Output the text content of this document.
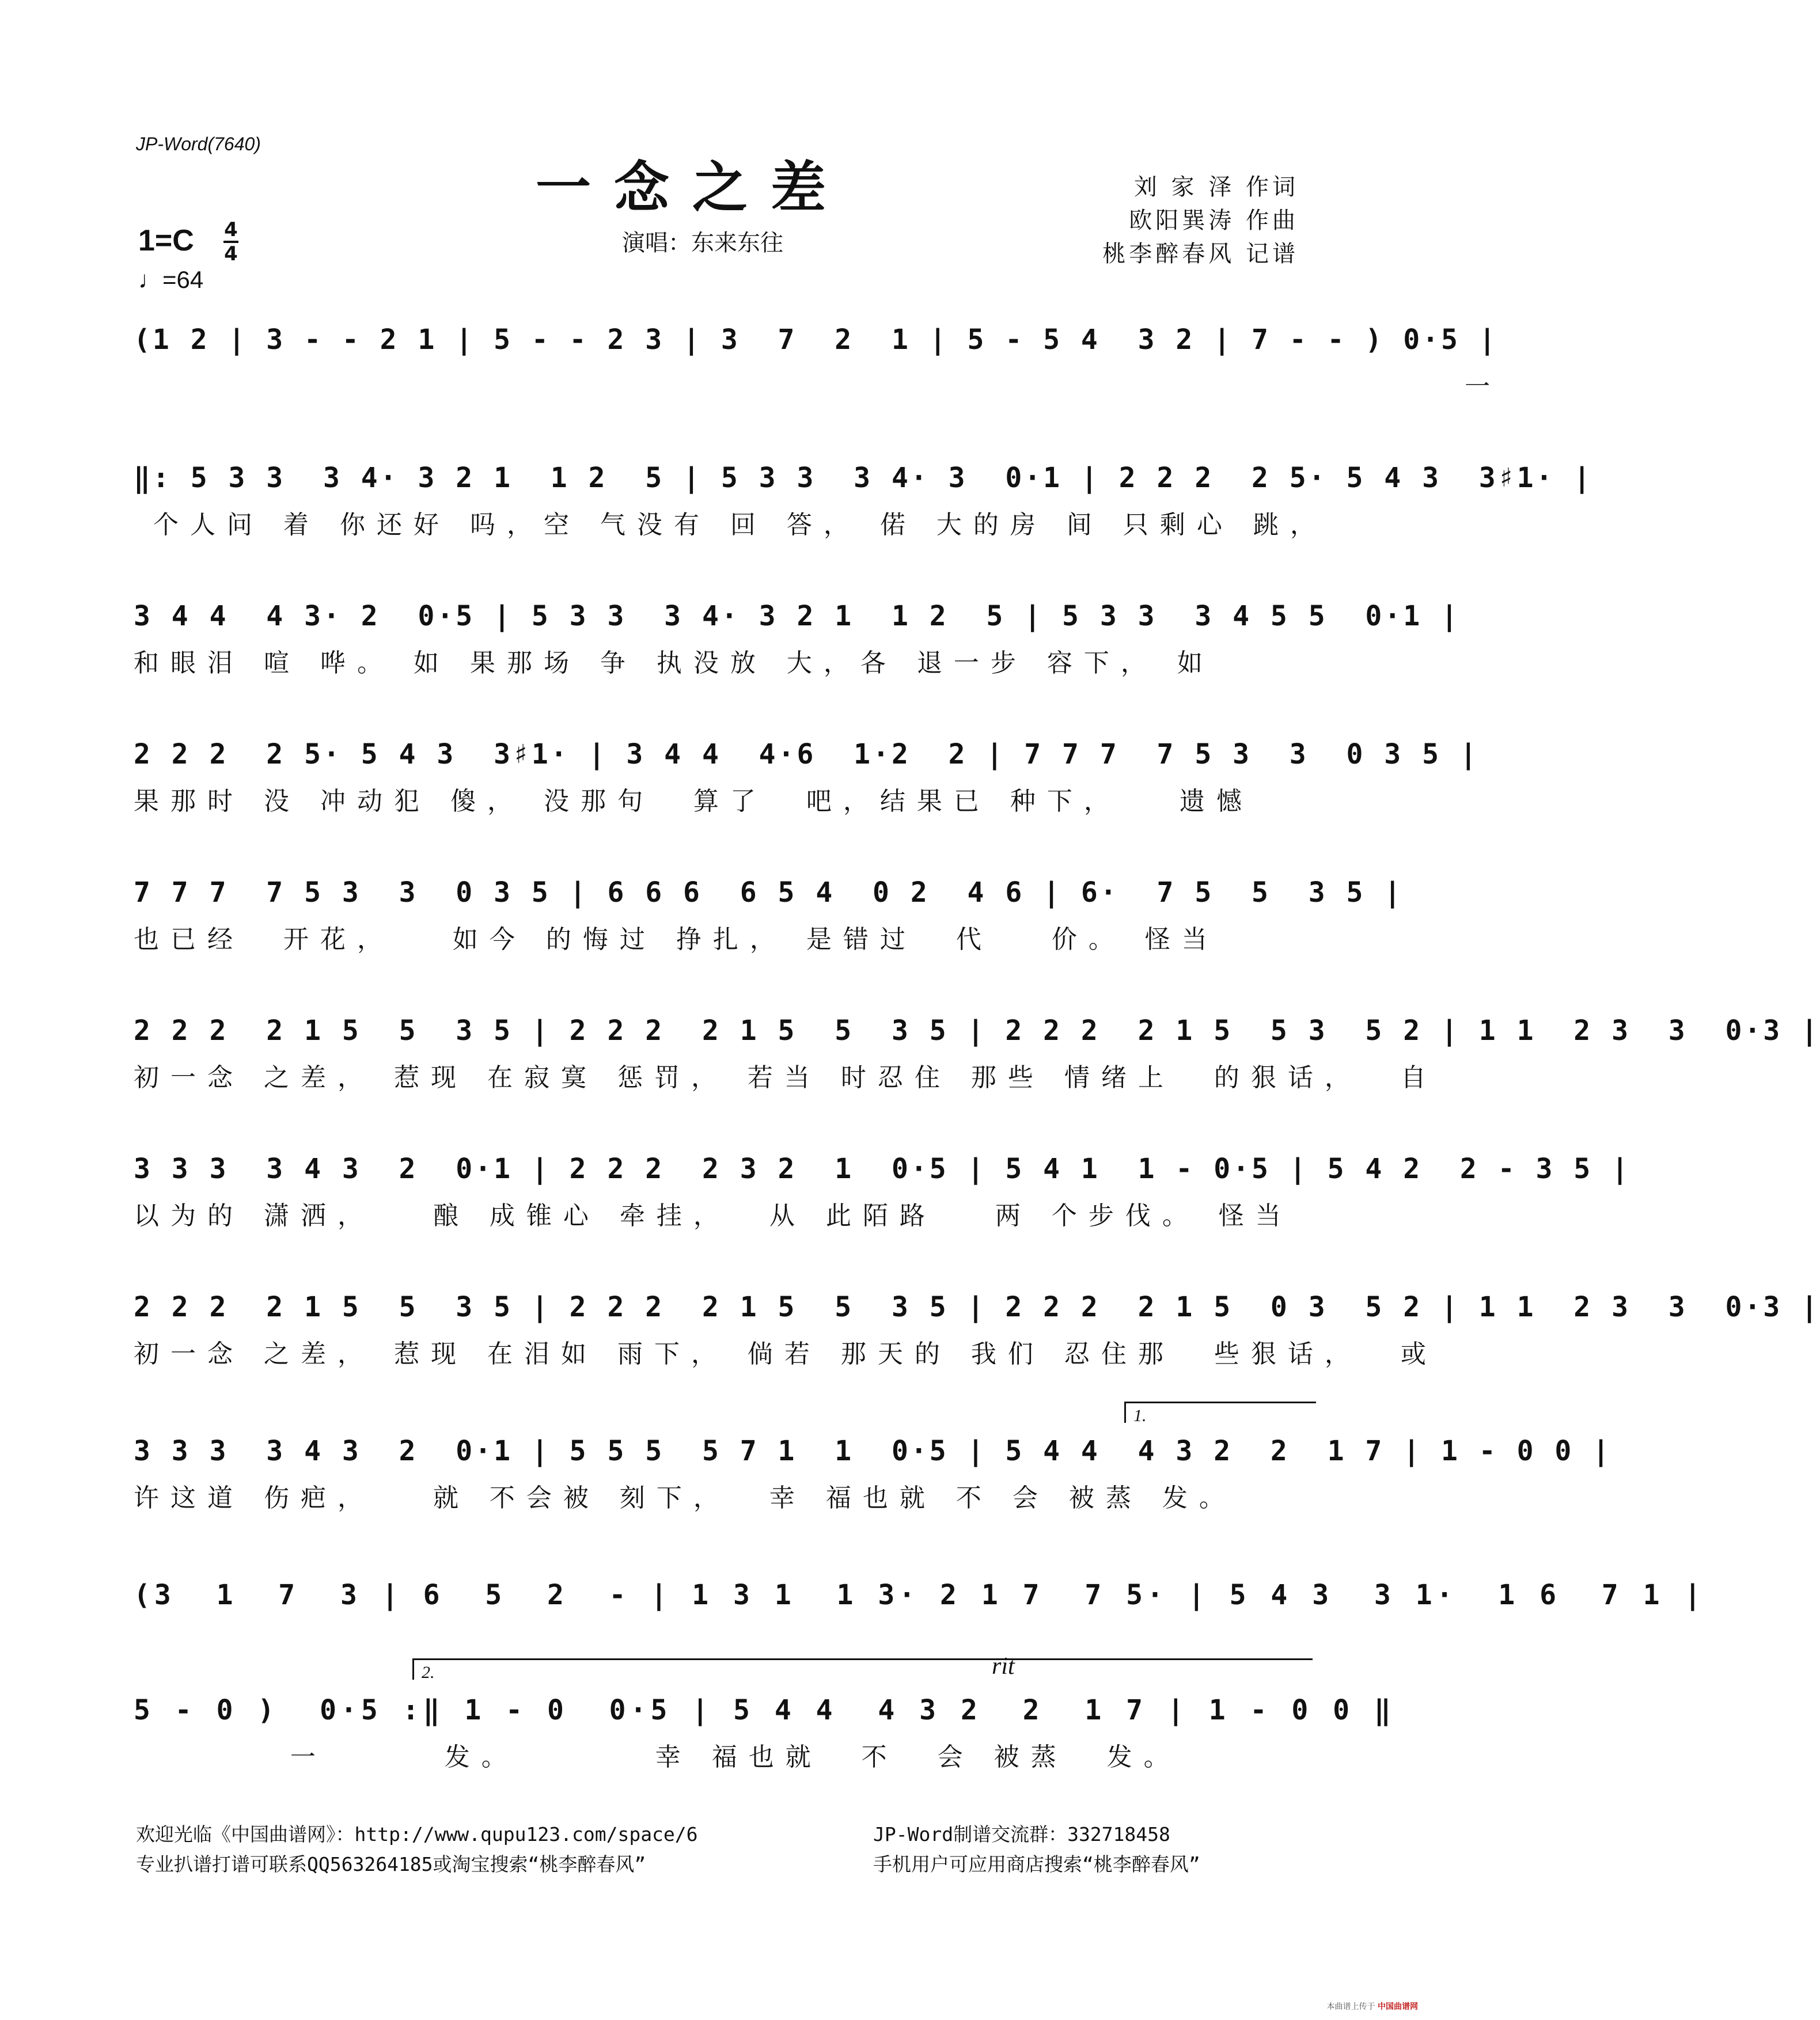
JP-Word(7640)
一念之差
演唱：东来东往
刘 家 泽 作词
欧阳巽涛 作曲
桃李醉春风 记谱
1=C 4
4
♩=64
(1 2 | 3 - - 2 1 | 5 - - 2 3 | 3  7  2  1 | 5 - 5 4  3 2 | 7 - - ) 0·5 |
一
‖: 5 3 3  3 4· 3 2 1  1 2  5 | 5 3 3  3 4· 3  0·1 | 2 2 2  2 5· 5 4 3  3♯1· |
个人问 着 你还好 吗，空 气没有 回 答， 偌 大的房 间 只剩心 跳，
3 4 4  4 3· 2  0·5 | 5 3 3  3 4· 3 2 1  1 2  5 | 5 3 3  3 4 5 5  0·1 |
和眼泪 喧 哗。 如 果那场 争 执没放 大，各 退一步 容下， 如
2 2 2  2 5· 5 4 3  3♯1· | 3 4 4  4·6  1·2  2 | 7 7 7  7 5 3  3  0 3 5 |
果那时 没 冲动犯 傻， 没那句  算了  吧，结果已 种下，   遗憾
7 7 7  7 5 3  3  0 3 5 | 6 6 6  6 5 4  0 2  4 6 | 6·  7 5  5  3 5 |
也已经  开花，   如今 的悔过 挣扎， 是错过  代   价。 怪当
2 2 2  2 1 5  5  3 5 | 2 2 2  2 1 5  5  3 5 | 2 2 2  2 1 5  5 3  5 2 | 1 1  2 3  3  0·3 |
初一念 之差， 惹现 在寂寞 惩罚， 若当 时忍住 那些 情绪上  的狠话，  自
3 3 3  3 4 3  2  0·1 | 2 2 2  2 3 2  1  0·5 | 5 4 1  1 - 0·5 | 5 4 2  2 - 3 5 |
以为的 潇洒，   酿 成锥心 牵挂，  从 此陌路   两 个步伐。 怪当
2 2 2  2 1 5  5  3 5 | 2 2 2  2 1 5  5  3 5 | 2 2 2  2 1 5  0 3  5 2 | 1 1  2 3  3  0·3 |
初一念 之差， 惹现 在泪如 雨下， 倘若 那天的 我们 忍住那  些狠话，  或
1.
3 3 3  3 4 3  2  0·1 | 5 5 5  5 7 1  1  0·5 | 5 4 4  4 3 2  2  1 7 | 1 - 0 0 |
许这道 伤疤，   就 不会被 刻下，  幸 福也就 不 会 被蒸 发。
(3  1  7  3 | 6  5  2  - | 1 3 1  1 3· 2 1 7  7 5· | 5 4 3  3 1·  1 6  7 1 |
2.	rit
5 - 0 )  0·5 :‖ 1 - 0  0·5 | 5 4 4  4 3 2  2  1 7 | 1 - 0 0 ‖
一      发。       幸 福也就  不  会 被蒸  发。
欢迎光临《中国曲谱网》：http://www.qupu123.com/space/6
专业扒谱打谱可联系QQ563264185或淘宝搜索“桃李醉春风”
JP-Word制谱交流群：332718458
手机用户可应用商店搜索“桃李醉春风”
本曲谱上传于 中国曲谱网
